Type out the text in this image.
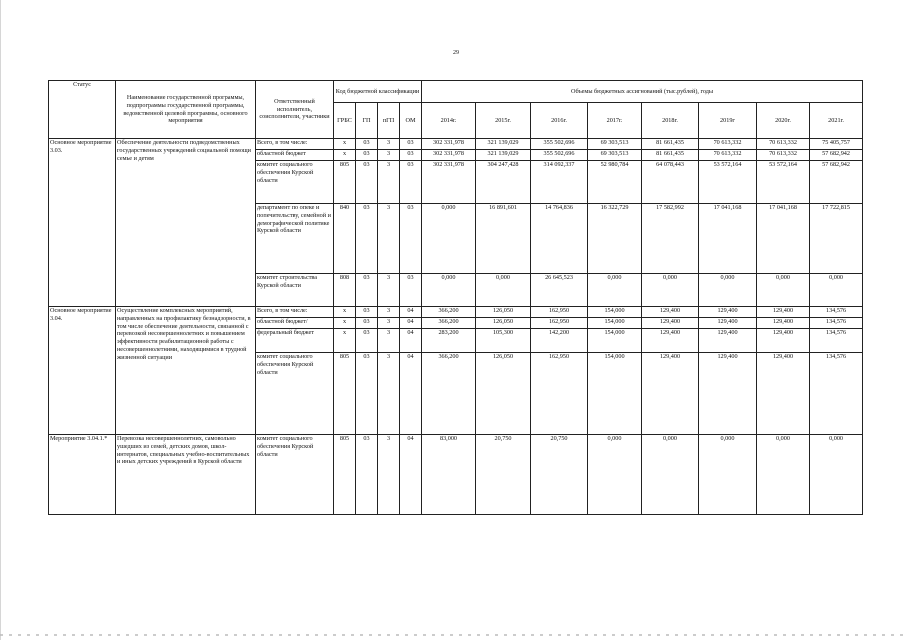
29
Статус	Наименование государственной программы, подпрограммы государственной программы, ведомственной целевой программы, основного мероприятия	Ответственный исполнитель, соисполнители, участники	Код бюджетной классификации				Объемы бюджетных ассигнований (тыс.рублей), годы							
			ГРБС	ГП	пГП	ОМ	2014г.	2015г.	2016г.	2017г.	2018г.	2019г	2020г.	2021г.
Основное мероприятие 3.03.	Обеспечение деятельности подведомственных государственных учреждений социальной помощи семье и детям	Всего, в том числе:	х	03	3	03	302 331,978	321 139,029	355 502,696	69 303,513	81 661,435	70 613,332	70 613,332	75 405,757
		областной бюджет	х	03	3	03	302 331,978	321 139,029	355 502,696	69 303,513	81 661,435	70 613,332	70 613,332	57 682,942
		комитет социального обеспечения Курской области	805	03	3	03	302 331,978	304 247,428	314 092,337	52 980,784	64 078,443	53 572,164	53 572,164	57 682,942
		департамент по опеке и попечительству, семейной и демографической политике Курской области	840	03	3	03	0,000	16 891,601	14 764,836	16 322,729	17 582,992	17 041,168	17 041,168	17 722,815
		комитет строительства Курской области	808	03	3	03	0,000	0,000	26 645,523	0,000	0,000	0,000	0,000	0,000
Основное мероприятие 3.04.	Осуществление комплексных мероприятий, направленных на профилактику безнадзорности, в том числе обеспечение деятельности, связанной с перевозкой несовершеннолетних и повышением эффективности реабилитационной работы с несовершеннолетними, находящимися в трудной жизненной ситуации	Всего, в том числе:	х	03	3	04	366,200	126,050	162,950	154,000	129,400	129,400	129,400	134,576
		областной бюджет/	х	03	3	04	366,200	126,050	162,950	154,000	129,400	129,400	129,400	134,576
		федеральный бюджет	х	03	3	04	283,200	105,300	142,200	154,000	129,400	129,400	129,400	134,576
		комитет социального обеспечения Курской области	805	03	3	04	366,200	126,050	162,950	154,000	129,400	129,400	129,400	134,576
Мероприятие 3.04.1.*	Перевозка несовершеннолетних, самовольно ушедших из семей, детских домов, школ-интернатов, специальных учебно-воспитательных и иных детских учреждений в Курской области	комитет социального обеспечения Курской области	805	03	3	04	83,000	20,750	20,750	0,000	0,000	0,000	0,000	0,000
